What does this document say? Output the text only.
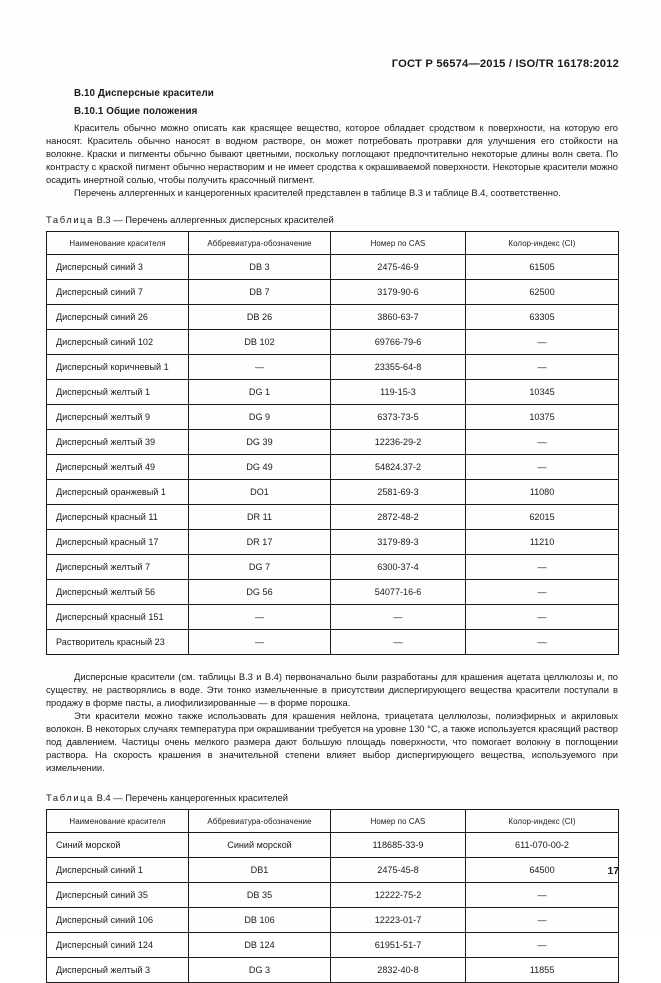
ГОСТ Р 56574—2015 / ISO/TR 16178:2012
B.10 Дисперсные красители
B.10.1 Общие положения

Краситель обычно можно описать как красящее вещество, которое обладает сродством к поверхности, на которую его наносят. Краситель обычно наносят в водном растворе, он может потребовать протравки для улучшения его стойкости на волокне. Краски и пигменты обычно бывают цветными, поскольку поглощают предпочтительно некоторые длины волн света. По контрасту с краской пигмент обычно нерастворим и не имеет сродства к окрашиваемой поверхности. Некоторые красители можно осадить инертной солью, чтобы получить красочный пигмент.

Перечень аллергенных и канцерогенных красителей представлен в таблице B.3 и таблице B.4, соответственно.

Таблица B.3 — Перечень аллергенных дисперсных красителей
Наименование красителя	Аббревиатура-обозначение	Номер по CAS	Колор-индекс (CI)
Дисперсный синий 3	DB 3	2475-46-9	61505
Дисперсный синий 7	DB 7	3179-90-6	62500
Дисперсный синий 26	DB 26	3860-63-7	63305
Дисперсный синий 102	DB 102	69766-79-6	—
Дисперсный коричневый 1	—	23355-64-8	—
Дисперсный желтый 1	DG 1	119-15-3	10345
Дисперсный желтый 9	DG 9	6373-73-5	10375
Дисперсный желтый 39	DG 39	12236-29-2	—
Дисперсный желтый 49	DG 49	54824.37-2	—
Дисперсный оранжевый 1	DO1	2581-69-3	11080
Дисперсный красный 11	DR 11	2872-48-2	62015
Дисперсный красный 17	DR 17	3179-89-3	11210
Дисперсный желтый 7	DG 7	6300-37-4	—
Дисперсный желтый 56	DG 56	54077-16-6	—
Дисперсный красный 151	—	—	—
Растворитель красный 23	—	—	—

Дисперсные красители (см. таблицы B.3 и B.4) первоначально были разработаны для крашения ацетата целлюлозы и, по существу, не растворялись в воде. Эти тонко измельченные в присутствии диспергирующего вещества красители поступали в продажу в форме пасты, а лиофилизированные — в форме порошка.

Эти красители можно также использовать для крашения нейлона, триацетата целлюлозы, полиэфирных и акриловых волокон. В некоторых случаях температура при окрашивании требуется на уровне 130 °С, а также используется красящий раствор под давлением. Частицы очень мелкого размера дают большую площадь поверхности, что помогает волокну в поглощении раствора. На скорость крашения в значительной степени влияет выбор диспергирующего вещества, используемого при измельчении.

Таблица B.4 — Перечень канцерогенных красителей
Наименование красителя	Аббревиатура-обозначение	Номер по CAS	Колор-индекс (CI)
Синий морской	Синий морской	118685-33-9	611-070-00-2
Дисперсный синий 1	DB1	2475-45-8	64500
Дисперсный синий 35	DB 35	12222-75-2	—
Дисперсный синий 106	DB 106	12223-01-7	—
Дисперсный синий 124	DB 124	61951-51-7	—
Дисперсный желтый 3	DG 3	2832-40-8	11855
17
